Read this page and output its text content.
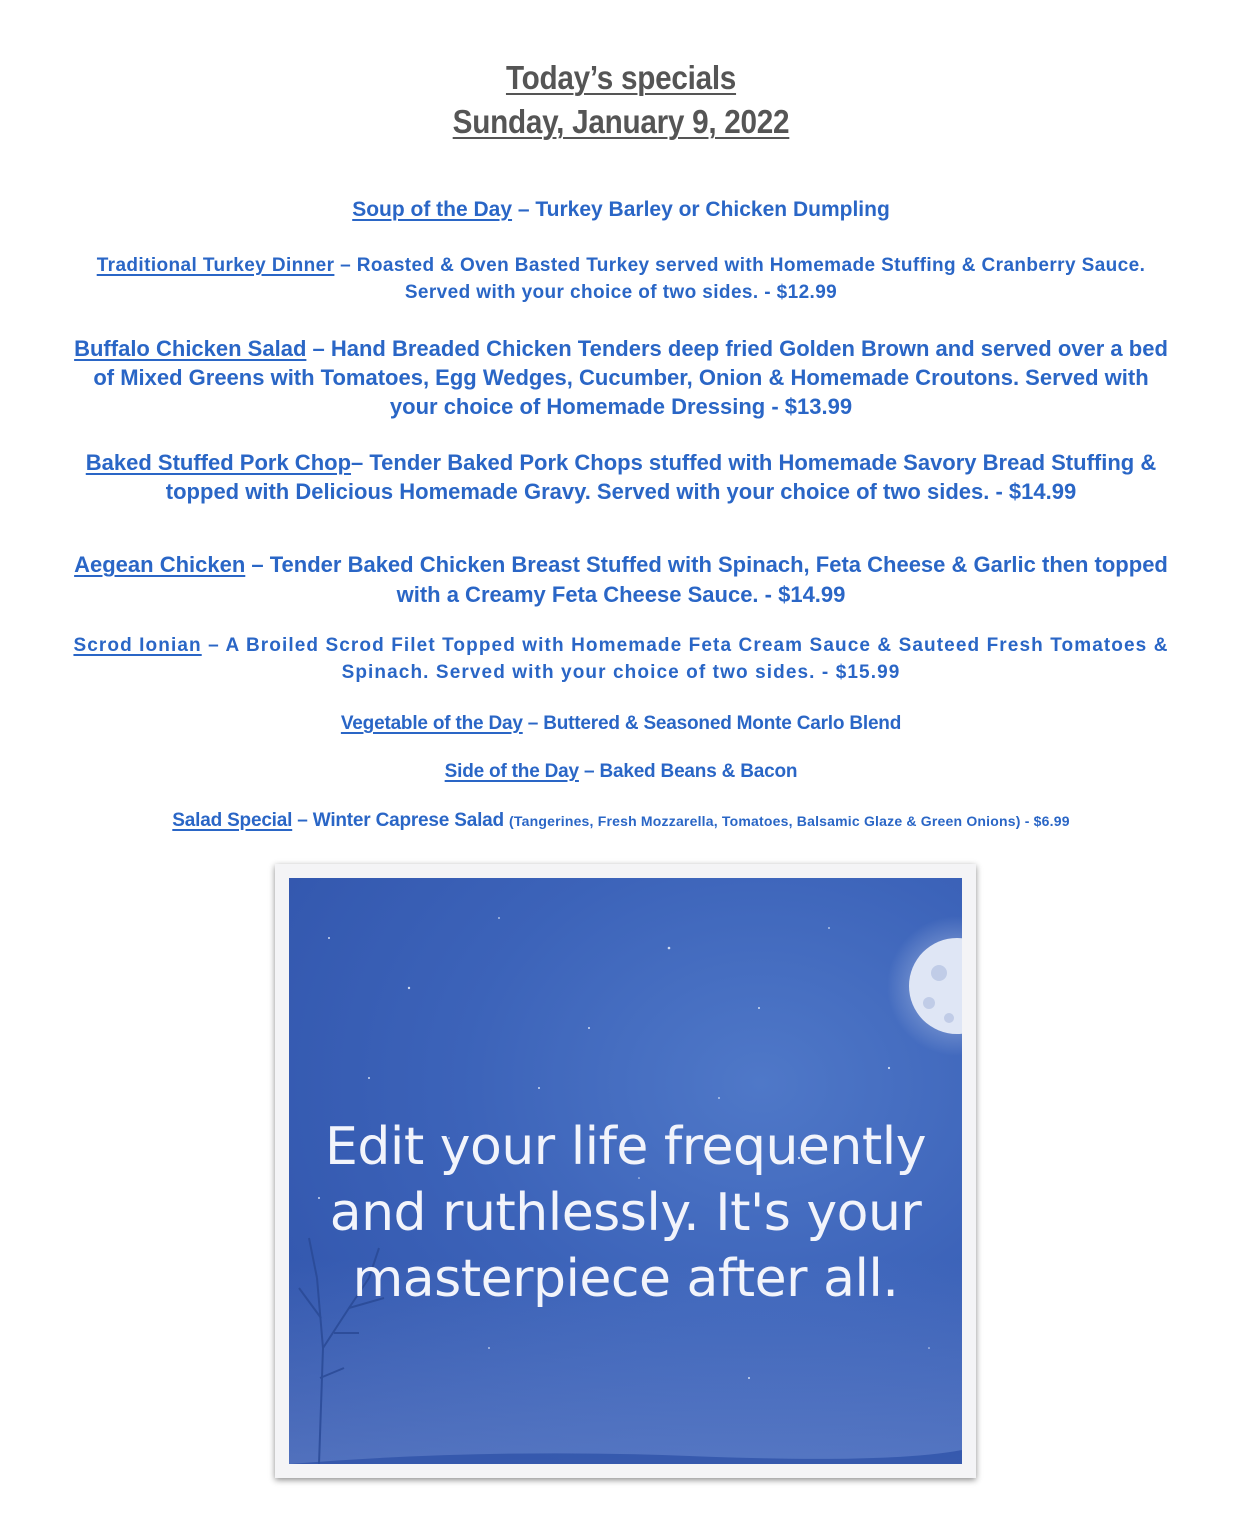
Today’s specials
Sunday, January 9, 2022
Soup of the Day – Turkey Barley or Chicken Dumpling
Traditional Turkey Dinner – Roasted & Oven Basted Turkey served with Homemade Stuffing & Cranberry Sauce. Served with your choice of two sides. - $12.99
Buffalo Chicken Salad – Hand Breaded Chicken Tenders deep fried Golden Brown and served over a bed of Mixed Greens with Tomatoes, Egg Wedges, Cucumber, Onion & Homemade Croutons. Served with your choice of Homemade Dressing - $13.99
Baked Stuffed Pork Chop– Tender Baked Pork Chops stuffed with Homemade Savory Bread Stuffing & topped with Delicious Homemade Gravy. Served with your choice of two sides. - $14.99
Aegean Chicken – Tender Baked Chicken Breast Stuffed with Spinach, Feta Cheese & Garlic then topped with a Creamy Feta Cheese Sauce. - $14.99
Scrod Ionian – A Broiled Scrod Filet Topped with Homemade Feta Cream Sauce & Sauteed Fresh Tomatoes & Spinach. Served with your choice of two sides. - $15.99
Vegetable of the Day – Buttered & Seasoned Monte Carlo Blend
Side of the Day – Baked Beans & Bacon
Salad Special – Winter Caprese Salad (Tangerines, Fresh Mozzarella, Tomatoes, Balsamic Glaze & Green Onions) - $6.99
Edit your life frequently
and ruthlessly. It's your
masterpiece after all.
